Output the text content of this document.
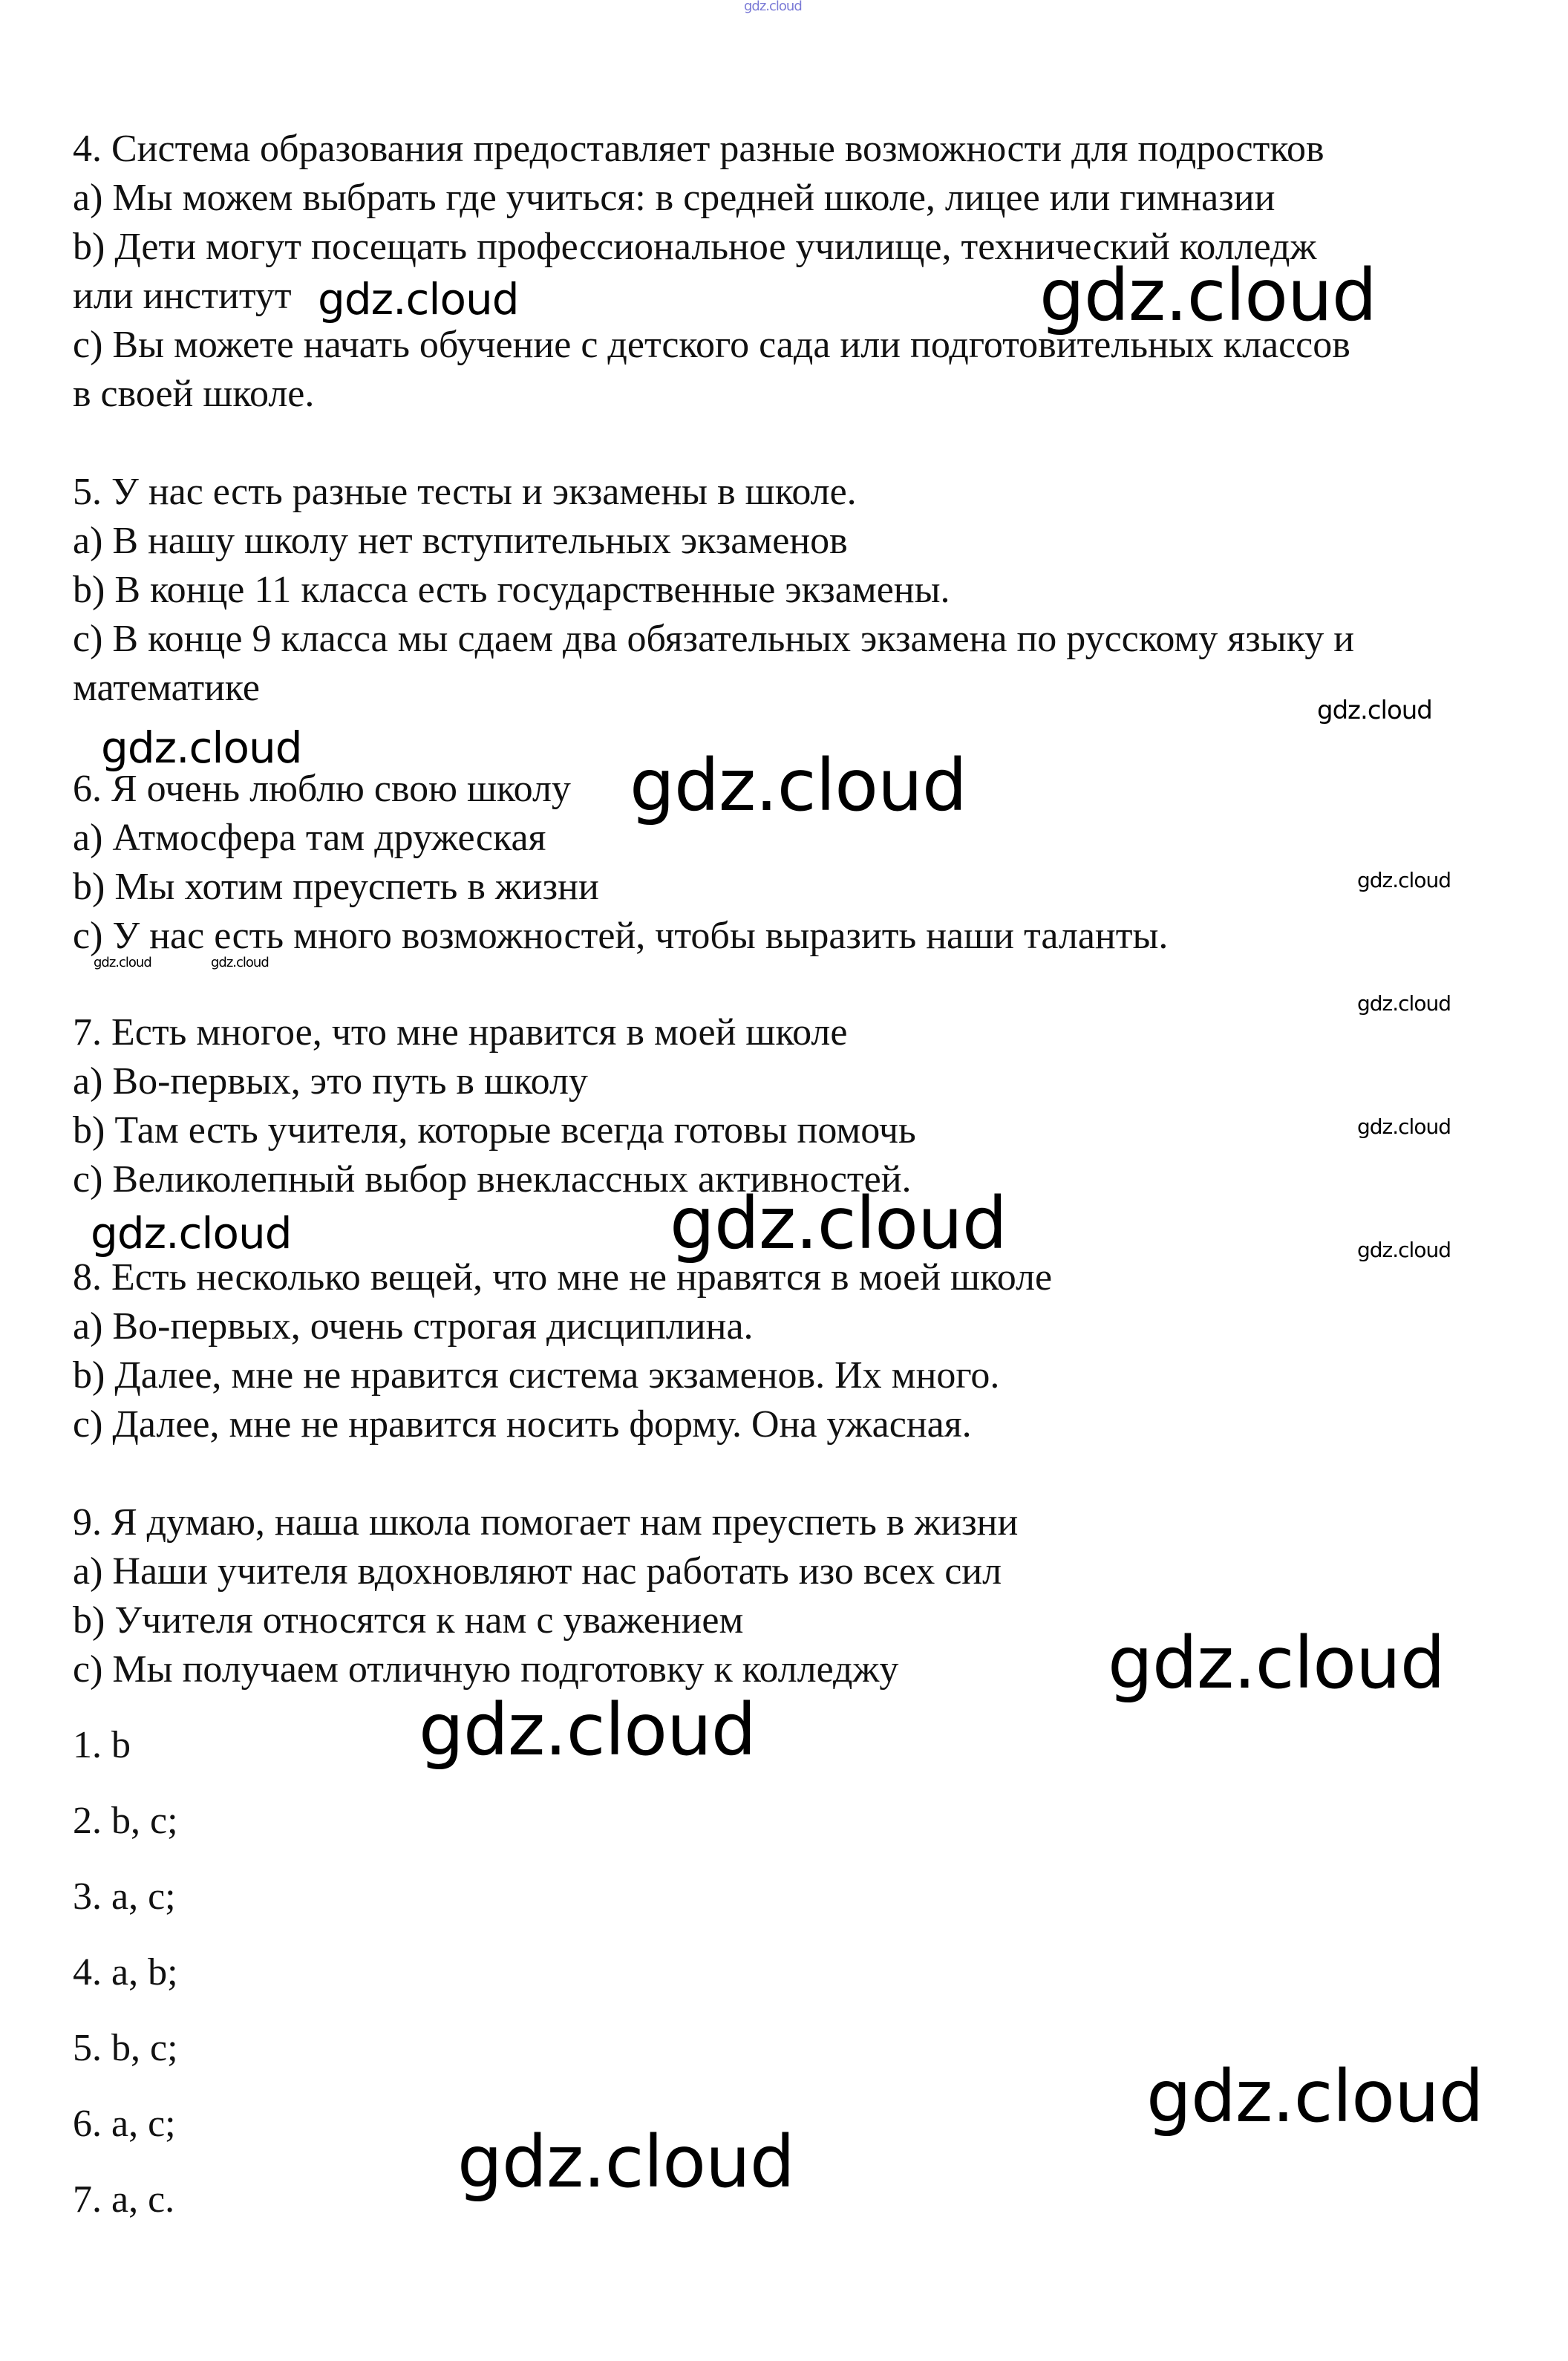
gdz.cloud
4. Система образования предоставляет разные возможности для подростков
a) Мы можем выбрать где учиться: в средней школе, лицее или гимназии
b) Дети могут посещать профессиональное училище, технический колледж
или институт
c) Вы можете начать обучение с детского сада или подготовительных классов
в своей школе.
5. У нас есть разные тесты и экзамены в школе.
a) В нашу школу нет вступительных экзаменов
b) В конце 11 класса есть государственные экзамены.
c) В конце 9 класса мы сдаем два обязательных экзамена по русскому языку и
математике
6. Я очень люблю свою школу
a) Атмосфера там дружеская
b) Мы хотим преуспеть в жизни
c) У нас есть много возможностей, чтобы выразить наши таланты.
7. Есть многое, что мне нравится в моей школе
a) Во-первых, это путь в школу
b) Там есть учителя, которые всегда готовы помочь
c) Великолепный выбор внеклассных активностей.
8. Есть несколько вещей, что мне не нравятся в моей школе
a) Во-первых, очень строгая дисциплина.
b) Далее, мне не нравится система экзаменов. Их много.
c) Далее, мне не нравится носить форму. Она ужасная.
9. Я думаю, наша школа помогает нам преуспеть в жизни
a) Наши учителя вдохновляют нас работать изо всех сил
b) Учителя относятся к нам с уважением
c) Мы получаем отличную подготовку к колледжу
1. b
2. b, c;
3. a, c;
4. a, b;
5. b, c;
6. a, c;
7. a, c.
gdz.cloud	gdz.cloud
gdz.cloud
gdz.cloud	gdz.cloud
gdz.cloud
gdz.cloud	gdz.cloud
gdz.cloud
gdz.cloud
gdz.cloud	gdz.cloud	gdz.cloud
gdz.cloud
gdz.cloud
gdz.cloud
gdz.cloud
